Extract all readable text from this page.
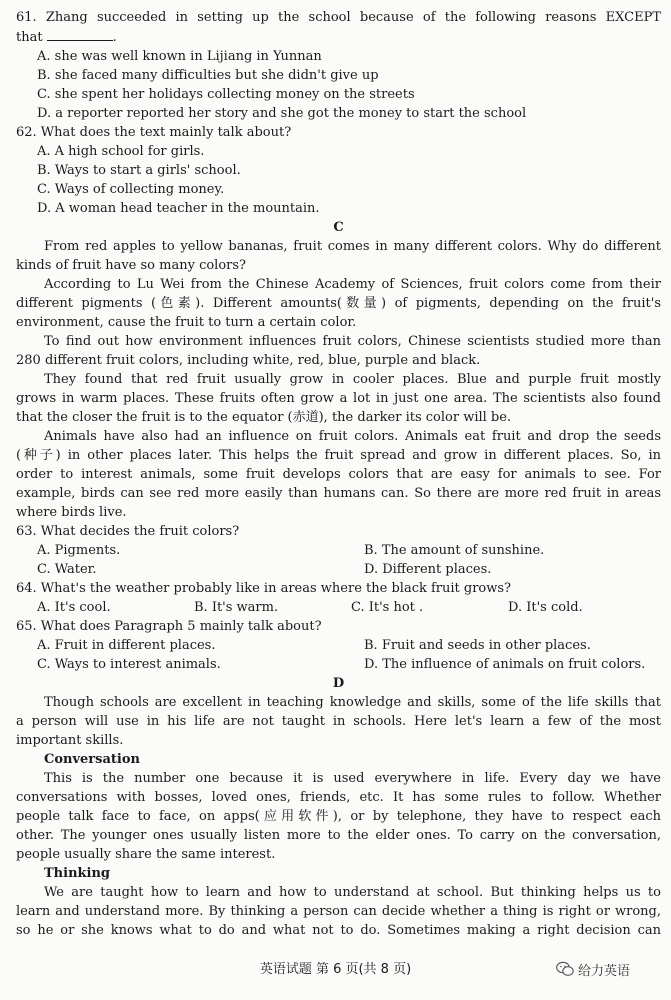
61. Zhang succeeded in setting up the school because of the following reasons EXCEPT
that	.
A. she was well known in Lijiang in Yunnan
B. she faced many difficulties but she didn't give up
C. she spent her holidays collecting money on the streets
D. a reporter reported her story and she got the money to start the school
62. What does the text mainly talk about?
A. A high school for girls.
B. Ways to start a girls' school.
C. Ways of collecting money.
D. A woman head teacher in the mountain.
C
From red apples to yellow bananas, fruit comes in many different colors. Why do different
kinds of fruit have so many colors?
According to Lu Wei from the Chinese Academy of Sciences, fruit colors come from their
different pigments (色素). Different amounts(数量) of pigments, depending on the fruit's
environment, cause the fruit to turn a certain color.
To find out how environment influences fruit colors, Chinese scientists studied more than
280 different fruit colors, including white, red, blue, purple and black.
They found that red fruit usually grow in cooler places. Blue and purple fruit mostly
grows in warm places. These fruits often grow a lot in just one area. The scientists also found
that the closer the fruit is to the equator (赤道), the darker its color will be.
Animals have also had an influence on fruit colors. Animals eat fruit and drop the seeds
(种子) in other places later. This helps the fruit spread and grow in different places. So, in
order to interest animals, some fruit develops colors that are easy for animals to see. For
example, birds can see red more easily than humans can. So there are more red fruit in areas
where birds live.
63. What decides the fruit colors?
A. Pigments.	B. The amount of sunshine.
C. Water.	D. Different places.
64. What's the weather probably like in areas where the black fruit grows?
A. It's cool.	B. It's warm.	C. It's hot .	D. It's cold.
65. What does Paragraph 5 mainly talk about?
A. Fruit in different places.	B. Fruit and seeds in other places.
C. Ways to interest animals.	D. The influence of animals on fruit colors.
D
Though schools are excellent in teaching knowledge and skills, some of the life skills that
a person will use in his life are not taught in schools. Here let's learn a few of the most
important skills.
Conversation
This is the number one because it is used everywhere in life. Every day we have
conversations with bosses, loved ones, friends, etc. It has some rules to follow. Whether
people talk face to face, on apps(应用软件), or by telephone, they have to respect each
other. The younger ones usually listen more to the elder ones. To carry on the conversation,
people usually share the same interest.
Thinking
We are taught how to learn and how to understand at school. But thinking helps us to
learn and understand more. By thinking a person can decide whether a thing is right or wrong,
so he or she knows what to do and what not to do. Sometimes making a right decision can
英语试题 第 6 页(共 8 页)	给力英语
